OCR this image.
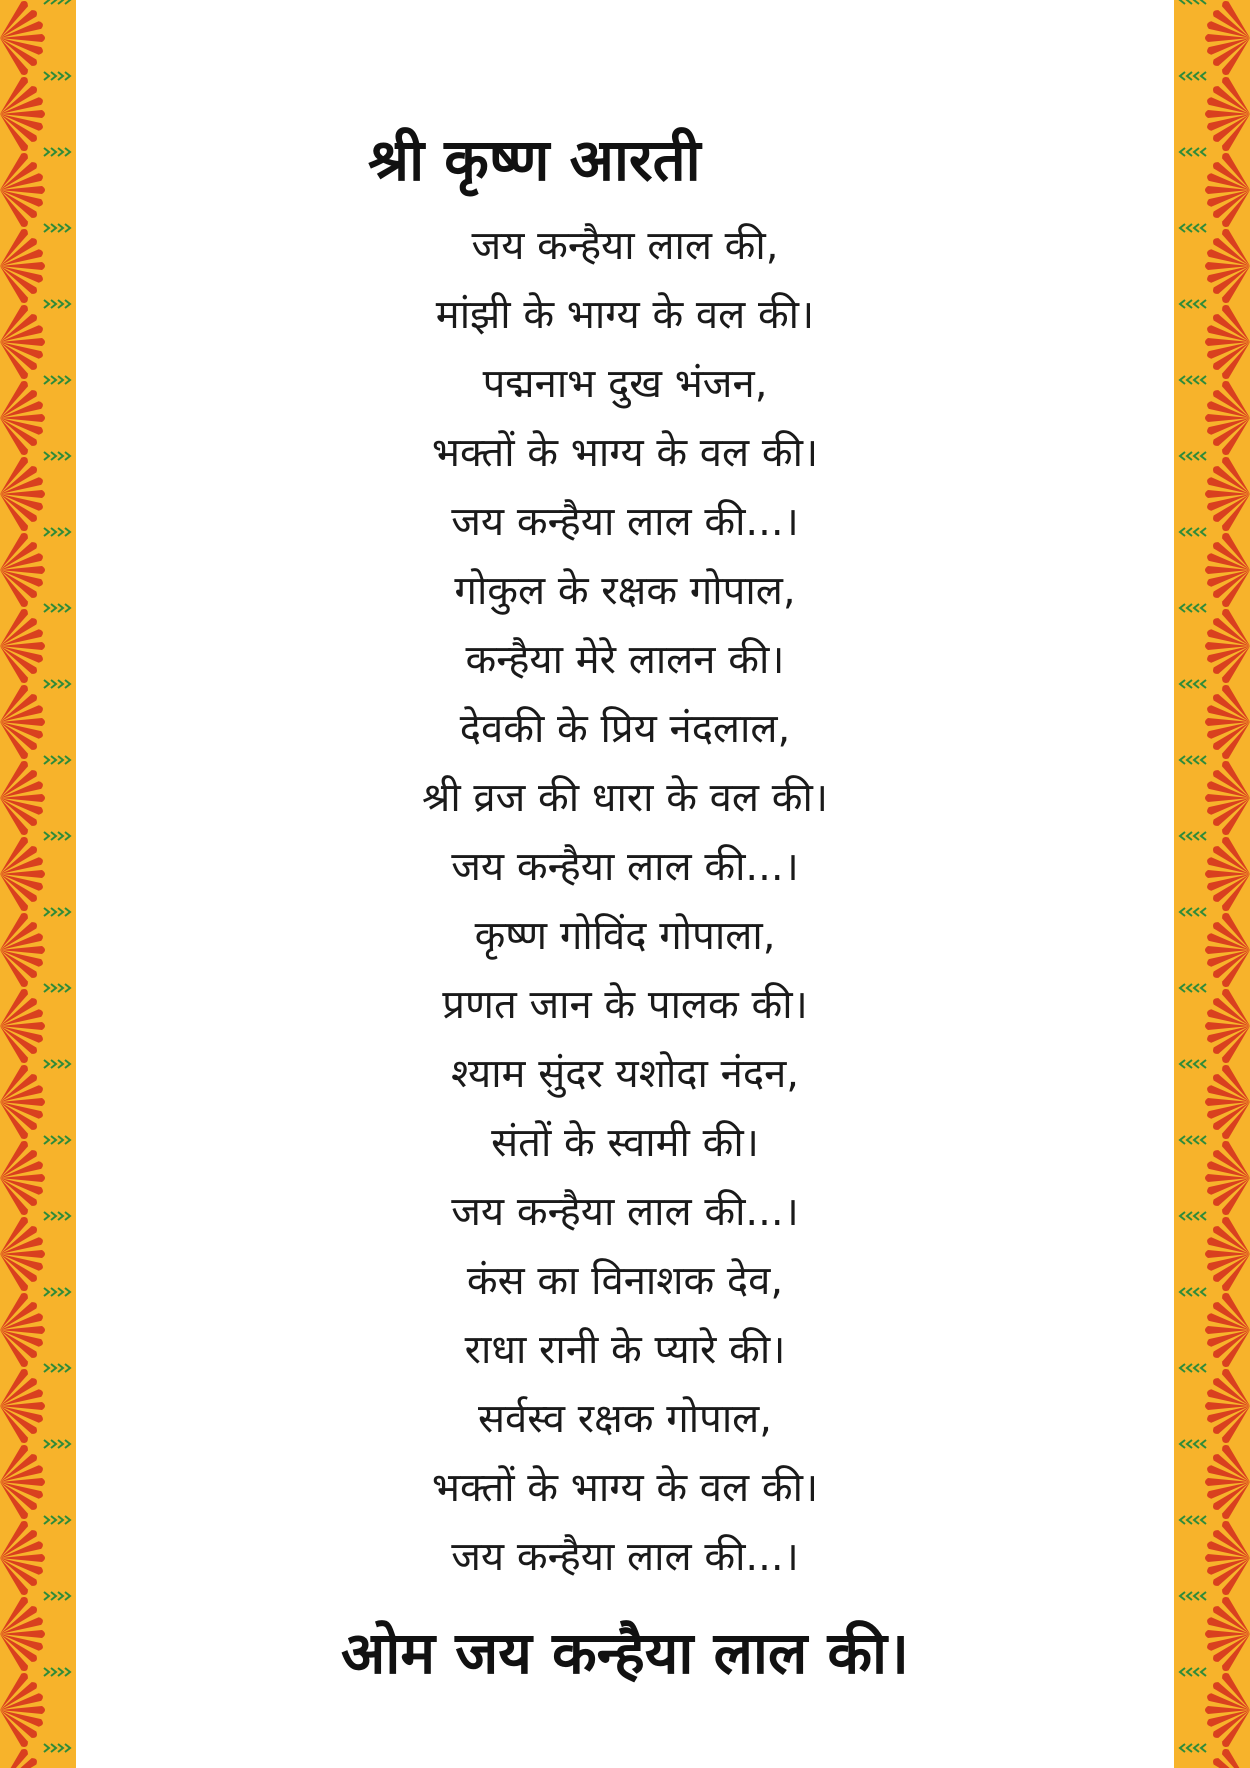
श्री कृष्ण आरती
जय कन्हैया लाल की,
मांझी के भाग्य के वल की।
पद्मनाभ दुख भंजन,
भक्तों के भाग्य के वल की।
जय कन्हैया लाल की...।
गोकुल के रक्षक गोपाल,
कन्हैया मेरे लालन की।
देवकी के प्रिय नंदलाल,
श्री व्रज की धारा के वल की।
जय कन्हैया लाल की...।
कृष्ण गोविंद गोपाला,
प्रणत जान के पालक की।
श्याम सुंदर यशोदा नंदन,
संतों के स्वामी की।
जय कन्हैया लाल की...।
कंस का विनाशक देव,
राधा रानी के प्यारे की।
सर्वस्व रक्षक गोपाल,
भक्तों के भाग्य के वल की।
जय कन्हैया लाल की...।
ओम जय कन्हैया लाल की।
